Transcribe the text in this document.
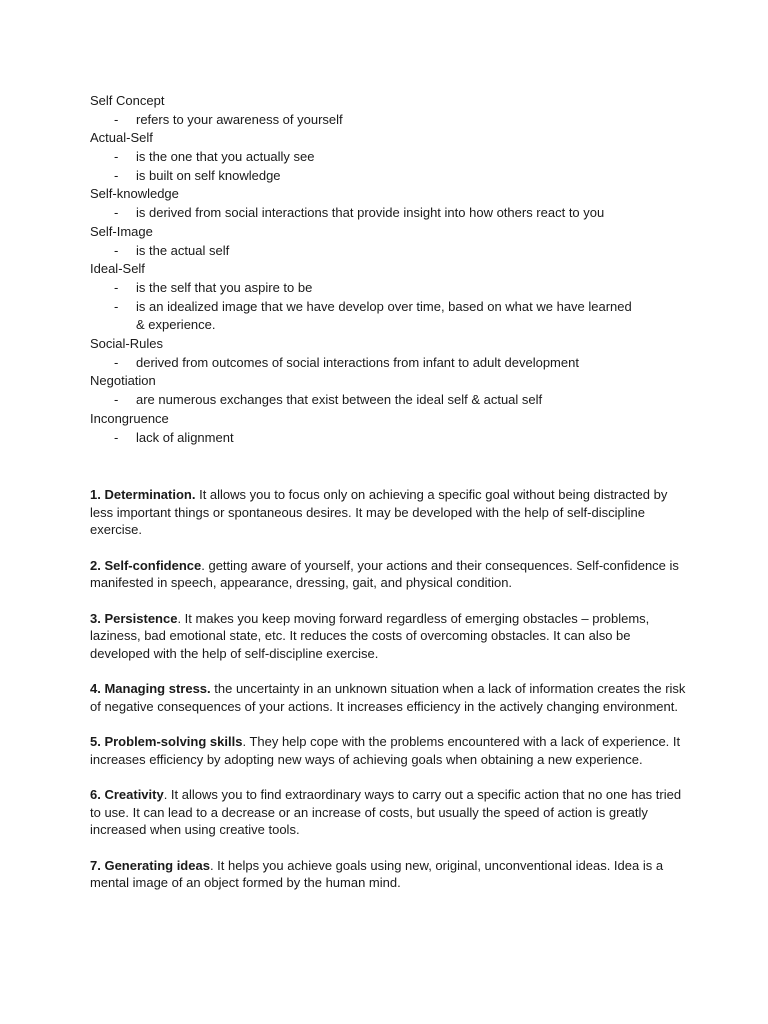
Self Concept
- refers to your awareness of yourself
Actual-Self
- is the one that you actually see
- is built on self knowledge
Self-knowledge
- is derived from social interactions that provide insight into how others react to you
Self-Image
- is the actual self
Ideal-Self
- is the self that you aspire to be
- is an idealized image that we have develop over time, based on what we have learned & experience.
Social-Rules
- derived from outcomes of social interactions from infant to adult development
Negotiation
- are numerous exchanges that exist between the ideal self & actual self
Incongruence
- lack of alignment

1. Determination. It allows you to focus only on achieving a specific goal without being distracted by less important things or spontaneous desires. It may be developed with the help of self-discipline exercise.

2. Self-confidence. getting aware of yourself, your actions and their consequences. Self-confidence is manifested in speech, appearance, dressing, gait, and physical condition.

3. Persistence. It makes you keep moving forward regardless of emerging obstacles – problems, laziness, bad emotional state, etc. It reduces the costs of overcoming obstacles. It can also be developed with the help of self-discipline exercise.

4. Managing stress. the uncertainty in an unknown situation when a lack of information creates the risk of negative consequences of your actions. It increases efficiency in the actively changing environment.

5. Problem-solving skills. They help cope with the problems encountered with a lack of experience. It increases efficiency by adopting new ways of achieving goals when obtaining a new experience.

6. Creativity. It allows you to find extraordinary ways to carry out a specific action that no one has tried to use. It can lead to a decrease or an increase of costs, but usually the speed of action is greatly increased when using creative tools.

7. Generating ideas. It helps you achieve goals using new, original, unconventional ideas. Idea is a mental image of an object formed by the human mind.
